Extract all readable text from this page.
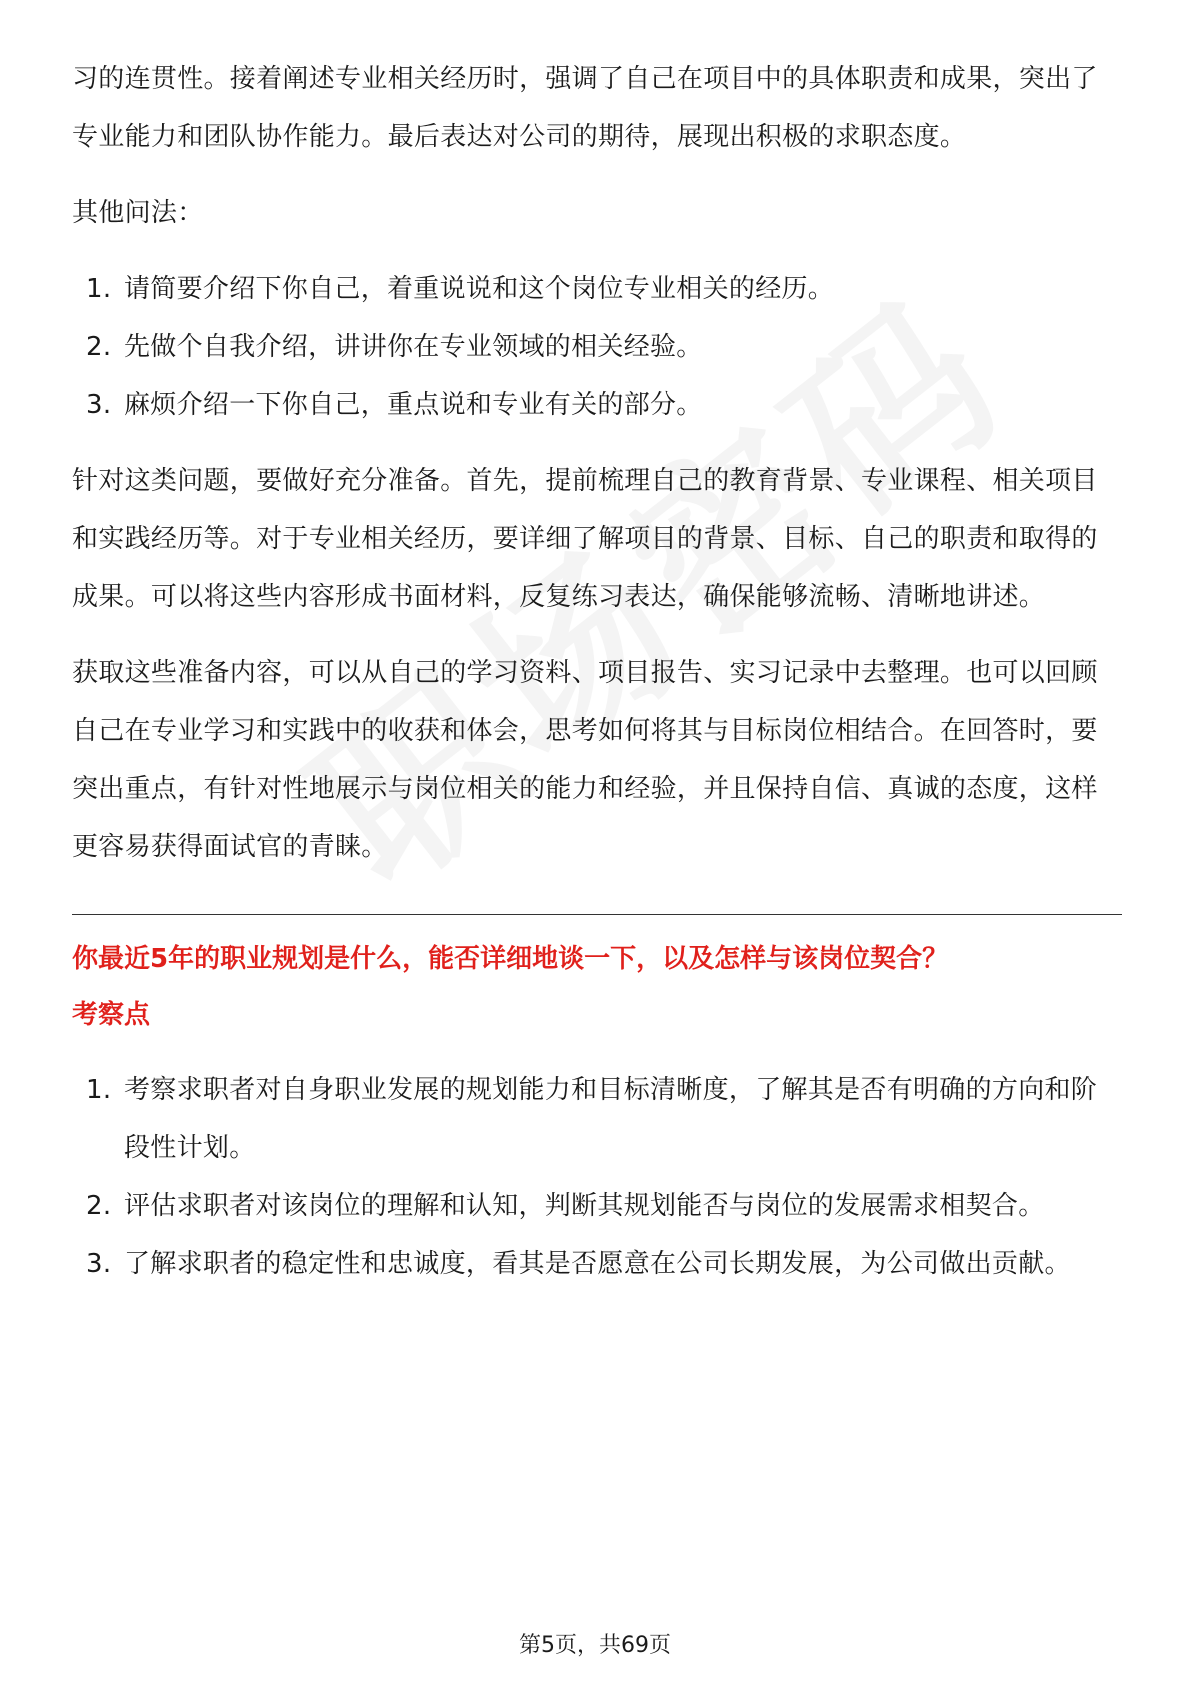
习的连贯性。接着阐述专业相关经历时，强调了自己在项目中的具体职责和成果，突出了专业能力和团队协作能力。最后表达对公司的期待，展现出积极的求职态度。

其他问法：

1. 请简要介绍下你自己，着重说说和这个岗位专业相关的经历。
2. 先做个自我介绍，讲讲你在专业领域的相关经验。
3. 麻烦介绍一下你自己，重点说和专业有关的部分。

针对这类问题，要做好充分准备。首先，提前梳理自己的教育背景、专业课程、相关项目和实践经历等。对于专业相关经历，要详细了解项目的背景、目标、自己的职责和取得的成果。可以将这些内容形成书面材料，反复练习表达，确保能够流畅、清晰地讲述。

获取这些准备内容，可以从自己的学习资料、项目报告、实习记录中去整理。也可以回顾自己在专业学习和实践中的收获和体会，思考如何将其与目标岗位相结合。在回答时，要突出重点，有针对性地展示与岗位相关的能力和经验，并且保持自信、真诚的态度，这样更容易获得面试官的青睐。

你最近5年的职业规划是什么，能否详细地谈一下，以及怎样与该岗位契合？

考察点

1. 考察求职者对自身职业发展的规划能力和目标清晰度，了解其是否有明确的方向和阶段性计划。
2. 评估求职者对该岗位的理解和认知，判断其规划能否与岗位的发展需求相契合。
3. 了解求职者的稳定性和忠诚度，看其是否愿意在公司长期发展，为公司做出贡献。
第5页，共69页
